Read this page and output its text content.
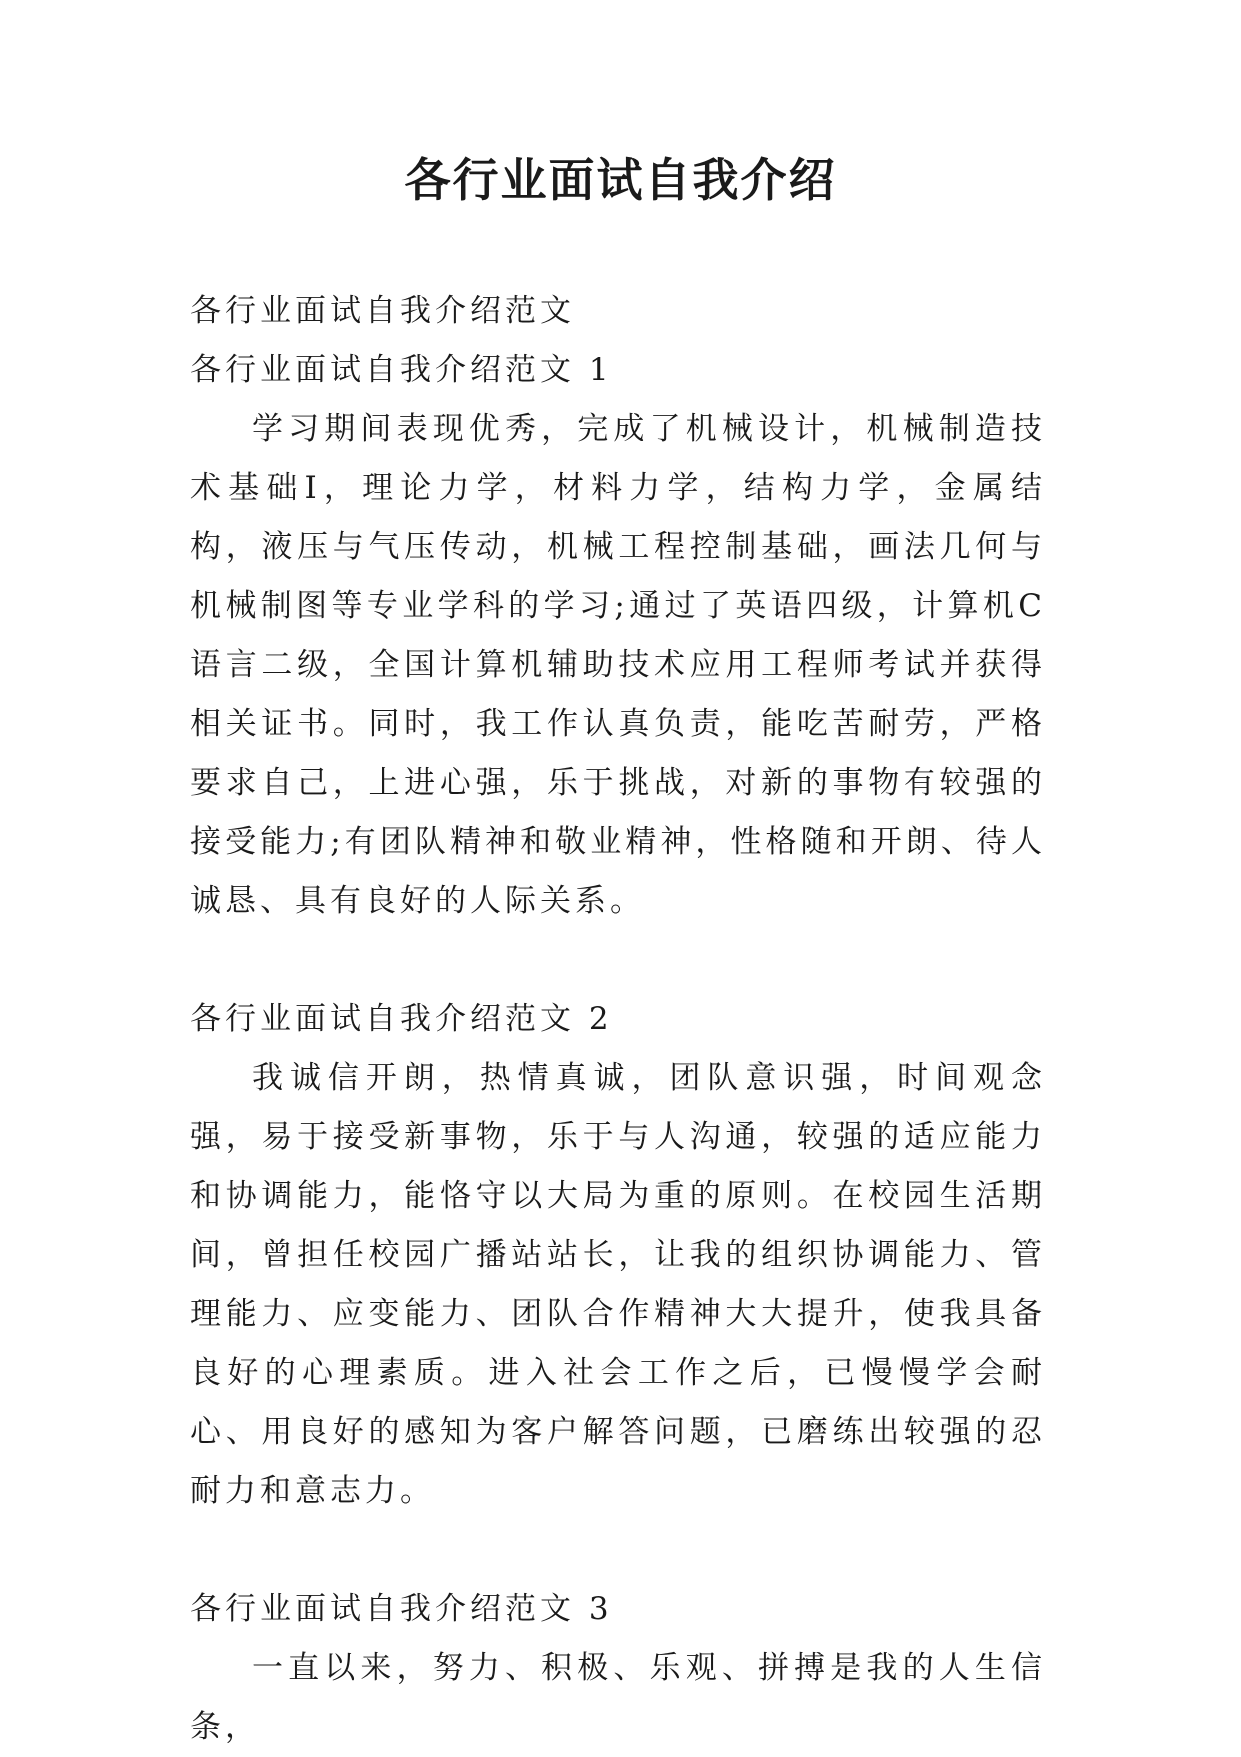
各行业面试自我介绍

各行业面试自我介绍范文

各行业面试自我介绍范文 1

学习期间表现优秀，完成了机械设计，机械制造技术基础Ⅰ，理论力学，材料力学，结构力学，金属结构，液压与气压传动，机械工程控制基础，画法几何与机械制图等专业学科的学习;通过了英语四级，计算机C语言二级，全国计算机辅助技术应用工程师考试并获得相关证书。同时，我工作认真负责，能吃苦耐劳，严格要求自己，上进心强，乐于挑战，对新的事物有较强的接受能力;有团队精神和敬业精神，性格随和开朗、待人诚恳、具有良好的人际关系。

各行业面试自我介绍范文 2

我诚信开朗，热情真诚，团队意识强，时间观念强，易于接受新事物，乐于与人沟通，较强的适应能力和协调能力，能恪守以大局为重的原则。在校园生活期间，曾担任校园广播站站长，让我的组织协调能力、管理能力、应变能力、团队合作精神大大提升，使我具备良好的心理素质。进入社会工作之后，已慢慢学会耐心、用良好的感知为客户解答问题，已磨练出较强的忍耐力和意志力。

各行业面试自我介绍范文 3

一直以来，努力、积极、乐观、拼搏是我的人生信条，
